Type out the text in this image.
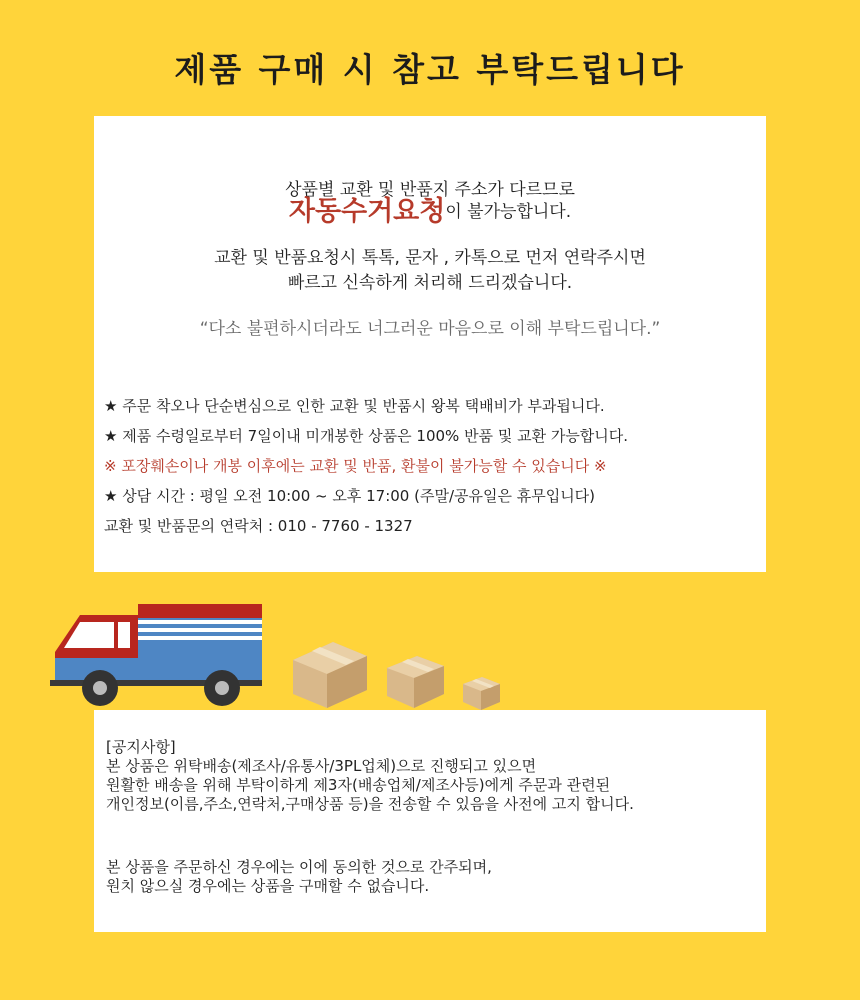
제품 구매 시 참고 부탁드립니다
상품별 교환 및 반품지 주소가 다르므로
자동수거요청이 불가능합니다.
교환 및 반품요청시 톡톡, 문자 , 카톡으로 먼저 연락주시면
빠르고 신속하게 처리해 드리겠습니다.
“다소 불편하시더라도 너그러운 마음으로 이해 부탁드립니다.”
★ 주문 착오나 단순변심으로 인한 교환 및 반품시 왕복 택배비가 부과됩니다.
★ 제품 수령일로부터 7일이내 미개봉한 상품은 100% 반품 및 교환 가능합니다.
※ 포장훼손이나 개봉 이후에는 교환 및 반품, 환불이 불가능할 수 있습니다 ※
★ 상담 시간 : 평일 오전 10:00 ~ 오후 17:00 (주말/공유일은 휴무입니다)
교환 및 반품문의 연락처 : 010 - 7760 - 1327
[공지사항]
본 상품은 위탁배송(제조사/유통사/3PL업체)으로 진행되고 있으면
원활한 배송을 위해 부탁이하게 제3자(배송업체/제조사등)에게 주문과 관련된
개인정보(이름,주소,연락처,구매상품 등)을 전송할 수 있음을 사전에 고지 합니다.
본 상품을 주문하신 경우에는 이에 동의한 것으로 간주되며,
원치 않으실 경우에는 상품을 구매할 수 없습니다.
